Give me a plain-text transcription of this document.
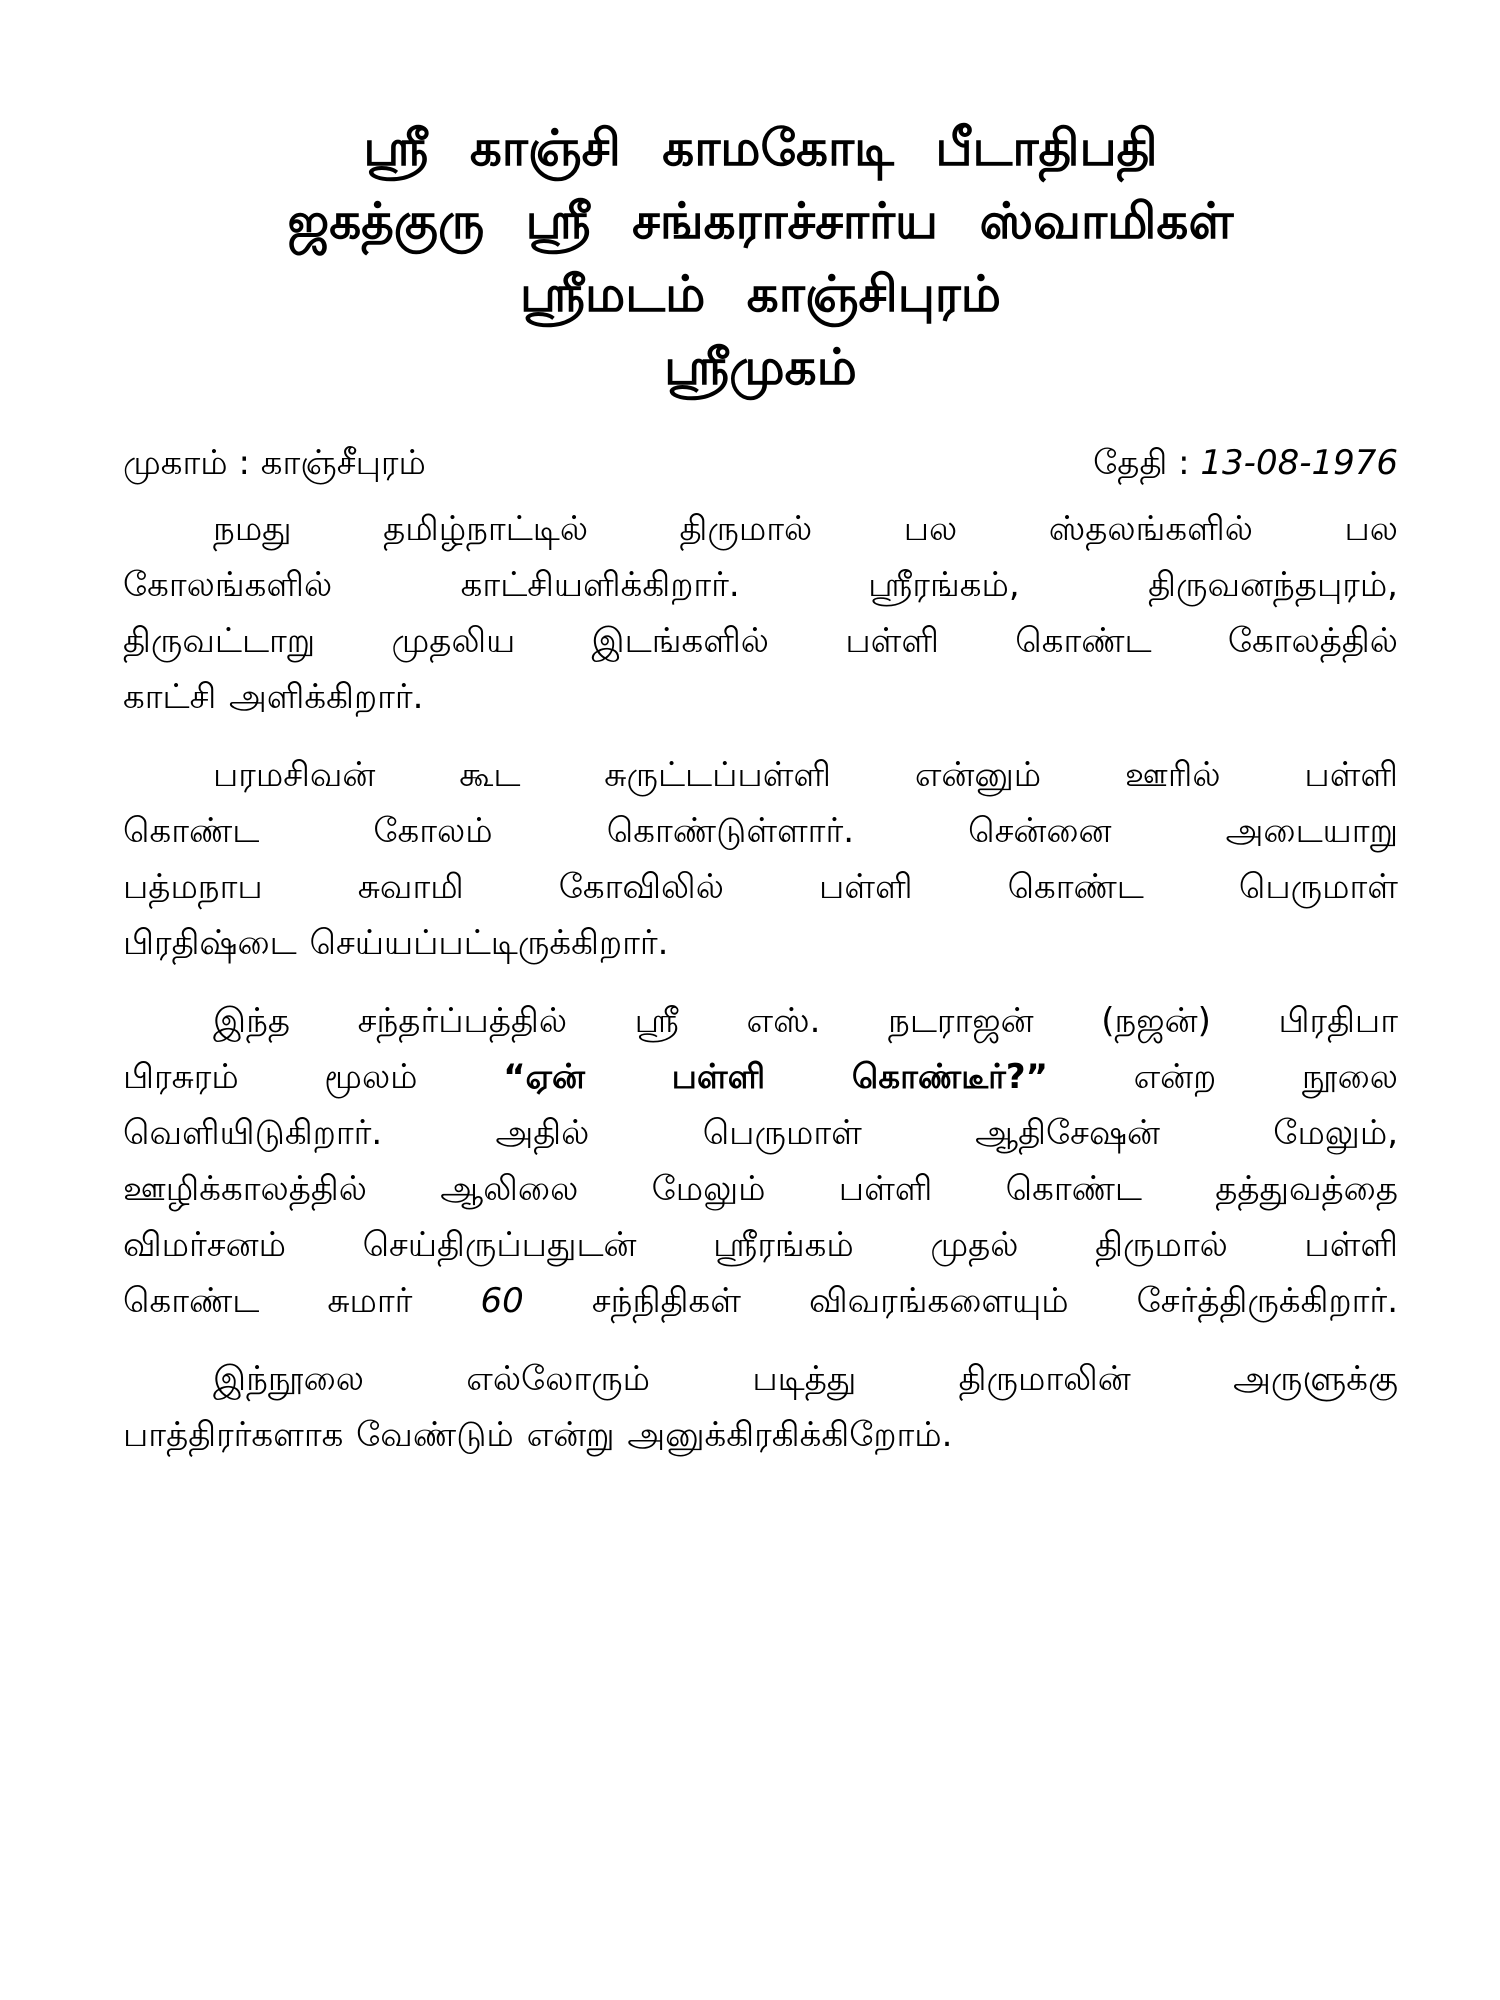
ஸ்ரீ காஞ்சி காமகோடி பீடாதிபதி
ஜகத்குரு ஸ்ரீ சங்கராச்சார்ய ஸ்வாமிகள்
ஸ்ரீமடம் காஞ்சிபுரம்
ஸ்ரீமுகம்
முகாம் : காஞ்சீபுரம்	தேதி : 13-08-1976
நமது தமிழ்நாட்டில் திருமால் பல ஸ்தலங்களில் பல
கோலங்களில் காட்சியளிக்கிறார். ஸ்ரீரங்கம், திருவனந்தபுரம்,
திருவட்டாறு முதலிய இடங்களில் பள்ளி கொண்ட கோலத்தில்
காட்சி அளிக்கிறார்.
பரமசிவன் கூட சுருட்டப்பள்ளி என்னும் ஊரில் பள்ளி
கொண்ட கோலம் கொண்டுள்ளார். சென்னை அடையாறு
பத்மநாப சுவாமி கோவிலில் பள்ளி கொண்ட பெருமாள்
பிரதிஷ்டை செய்யப்பட்டிருக்கிறார்.
இந்த சந்தர்ப்பத்தில் ஸ்ரீ எஸ். நடராஜன் (நஜன்) பிரதிபா
பிரசுரம் மூலம்	“ஏன் பள்ளி கொண்டீர்?”	என்ற நூலை
வெளியிடுகிறார். அதில் பெருமாள் ஆதிசேஷன் மேலும்,
ஊழிக்காலத்தில் ஆலிலை மேலும் பள்ளி கொண்ட தத்துவத்தை
விமர்சனம் செய்திருப்பதுடன் ஸ்ரீரங்கம் முதல் திருமால் பள்ளி
கொண்ட சுமார் 60 சந்நிதிகள் விவரங்களையும் சேர்த்திருக்கிறார்.
இந்நூலை எல்லோரும் படித்து திருமாலின் அருளுக்கு
பாத்திரர்களாக வேண்டும் என்று அனுக்கிரகிக்கிறோம்.
